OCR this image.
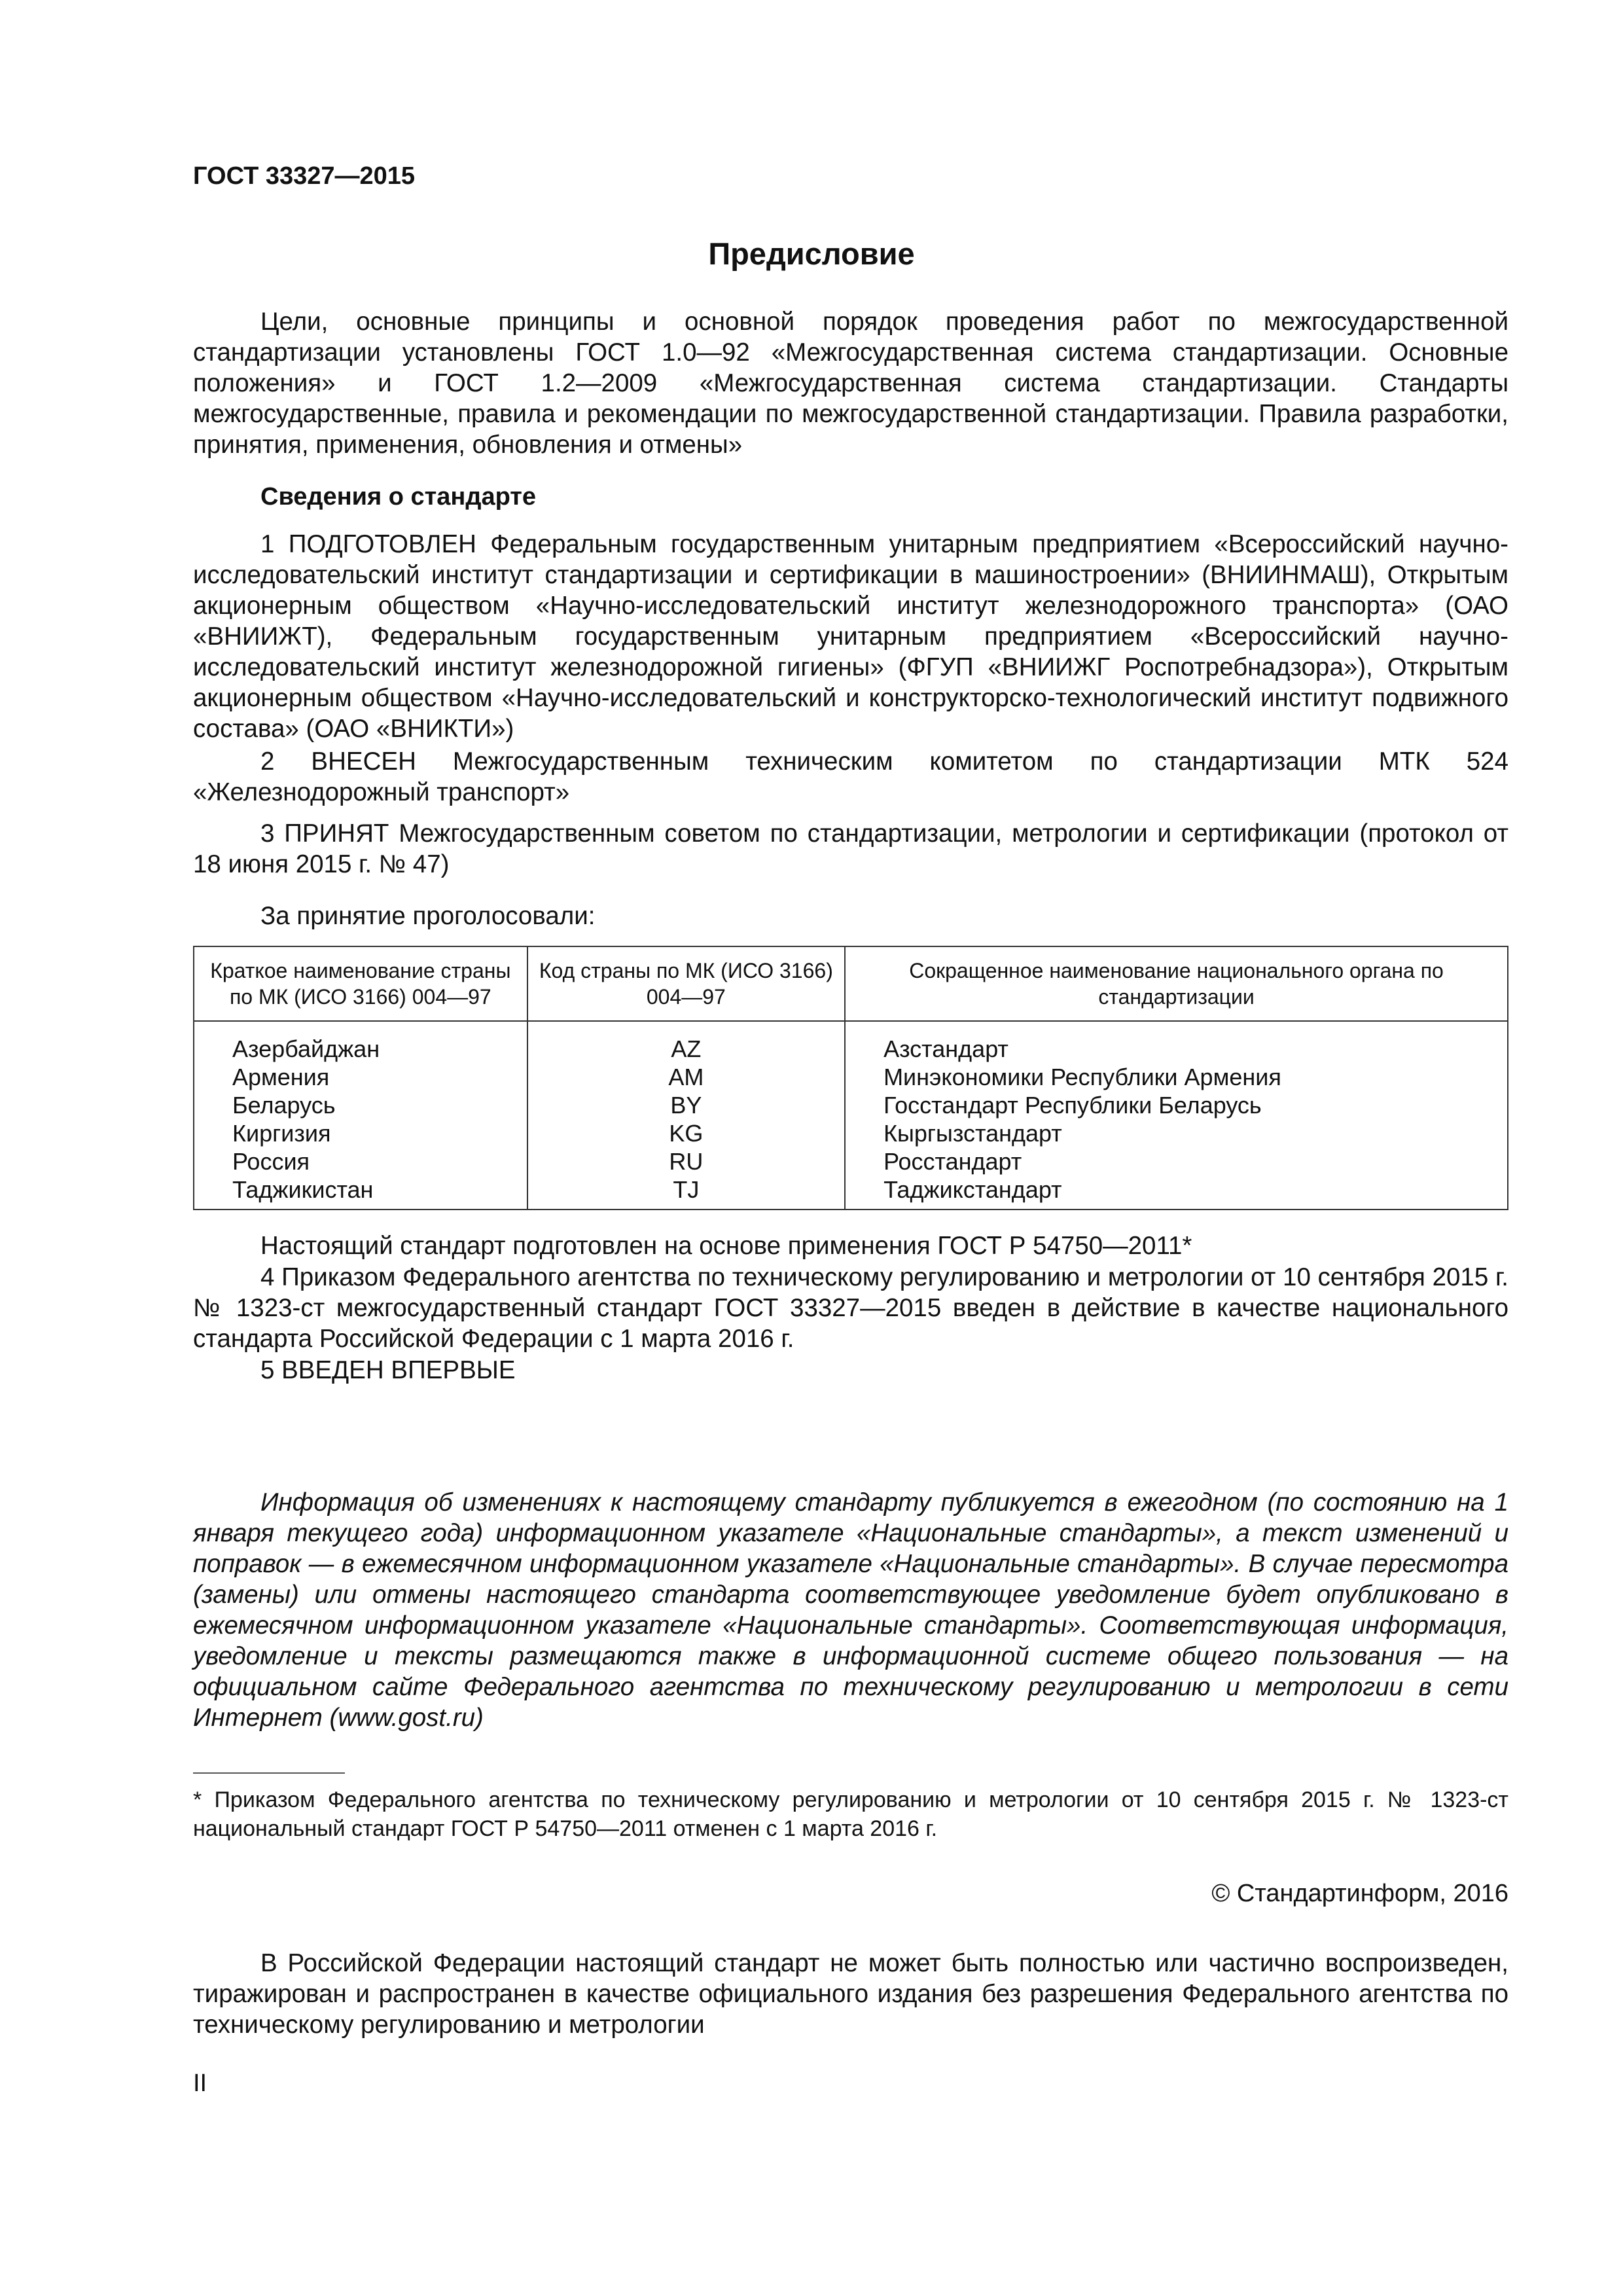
ГОСТ 33327—2015
Предисловие
Цели, основные принципы и основной порядок проведения работ по межгосударственной стандартизации установлены ГОСТ 1.0—92 «Межгосударственная система стандартизации. Основные положения» и ГОСТ 1.2—2009 «Межгосударственная система стандартизации. Стандарты межгосударственные, правила и рекомендации по межгосударственной стандартизации. Правила разработки, принятия, применения, обновления и отмены»
Сведения о стандарте
1 ПОДГОТОВЛЕН Федеральным государственным унитарным предприятием «Всероссийский научно-исследовательский институт стандартизации и сертификации в машиностроении» (ВНИИНМАШ), Открытым акционерным обществом «Научно-исследовательский институт железнодорожного транспорта» (ОАО «ВНИИЖТ), Федеральным государственным унитарным предприятием «Всероссийский научно-исследовательский институт железнодорожной гигиены» (ФГУП «ВНИИЖГ Роспотребнадзора»), Открытым акционерным обществом «Научно-исследовательский и конструкторско-технологический институт подвижного состава» (ОАО «ВНИКТИ»)
2 ВНЕСЕН Межгосударственным техническим комитетом по стандартизации МТК 524 «Железнодорожный транспорт»
3 ПРИНЯТ Межгосударственным советом по стандартизации, метрологии и сертификации (протокол от 18 июня 2015 г. № 47)
За принятие проголосовали:
Краткое наименование страны по МК (ИСО 3166) 004—97	Код страны по МК (ИСО 3166) 004—97	Сокращенное наименование национального органа по стандартизации
Азербайджан	AZ	Азстандарт
Армения	AM	Минэкономики Республики Армения
Беларусь	BY	Госстандарт Республики Беларусь
Киргизия	KG	Кыргызстандарт
Россия	RU	Росстандарт
Таджикистан	TJ	Таджикстандарт
Настоящий стандарт подготовлен на основе применения ГОСТ Р 54750—2011*
4 Приказом Федерального агентства по техническому регулированию и метрологии от 10 сентября 2015 г. № 1323-ст межгосударственный стандарт ГОСТ 33327—2015 введен в действие в качестве национального стандарта Российской Федерации с 1 марта 2016 г.
5 ВВЕДЕН ВПЕРВЫЕ
Информация об изменениях к настоящему стандарту публикуется в ежегодном (по состоянию на 1 января текущего года) информационном указателе «Национальные стандарты», а текст изменений и поправок — в ежемесячном информационном указателе «Национальные стандарты». В случае пересмотра (замены) или отмены настоящего стандарта соответствующее уведомление будет опубликовано в ежемесячном информационном указателе «Национальные стандарты». Соответствующая информация, уведомление и тексты размещаются также в информационной системе общего пользования — на официальном сайте Федерального агентства по техническому регулированию и метрологии в сети Интернет (www.gost.ru)
* Приказом Федерального агентства по техническому регулированию и метрологии от 10 сентября 2015 г. № 1323-ст национальный стандарт ГОСТ Р 54750—2011 отменен с 1 марта 2016 г.
© Стандартинформ, 2016
В Российской Федерации настоящий стандарт не может быть полностью или частично воспроизведен, тиражирован и распространен в качестве официального издания без разрешения Федерального агентства по техническому регулированию и метрологии
II
